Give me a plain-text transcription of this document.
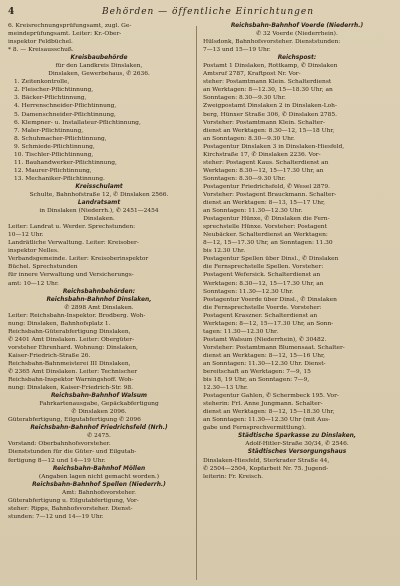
4	Behörden — öffentliche Einrichtungen

6. Kreisrechnungsprüfungsamt, zugl. Ge-

meindeprüfungsamt. Leiter: Kr.-Ober-

inspektor Feldbüchel.

* 8. — Kreisausschuß.

Kreisbaubehörde

für den Landkreis Dinslaken,

Dinslaken, Gewerbehaus, ✆ 2636.

1. Zeitenkontrolle,

2. Fleischer-Pflichtinnung,

3. Bäcker-Pflichtinnung,

4. Herrenschneider-Pflichtinnung,

5. Damenschneider-Pflichtinnung,

6. Klempner- u. Installateur-Pflichtinnung,

7. Maler-Pflichtinnung,

8. Schuhmacher-Pflichtinnung,

9. Schmiede-Pflichtinnung,

10. Tischler-Pflichtinnung,

11. Bauhandwerker-Pflichtinnung,

12. Maurer-Pflichtinnung,

13. Mechaniker-Pflichtinnung.

Kreisschulamt

Schulte, Bahnhofstraße 12, ✆ Dinslaken 2566.

Landratsamt

in Dinslaken (Niederrh.), ✆ 2451—2454

Dinslaken.

Leiter: Landrat u. Werder. Sprechstunden:

10—12 Uhr.

Landrätliche Verwaltung. Leiter: Kreisober-

inspektor Nelles.

Verbandsgemeinde. Leiter: Kreisoberinspektor

Büchel. Sprechstunden

für innere Verwaltung und Versicherungs-

amt: 10—12 Uhr.

Reichsbahnbehörden:

Reichsbahn-Bahnhof Dinslaken,

✆ 2898 Amt Dinslaken.

Leiter: Reichsbahn-Inspektor. Brodberg. Woh-

nung: Dinslaken, Bahnhofsplatz 1.

Reichsbahn-Güterabfertigung Dinslaken,

✆ 2401 Amt Dinslaken. Leiter: Obergüter-

vorsteher Ehrenhard. Wohnung: Dinslaken,

Kaiser-Friedrich-Straße 26.

Reichsbahn-Bahnmeisterei III Dinslaken,

✆ 2365 Amt Dinslaken. Leiter: Technischer

Reichsbahn-Inspektor Warningshoff. Woh-

nung: Dinslaken, Kaiser-Friedrich-Str. 98.

Reichsbahn-Bahnhof Walsum

Fahrkartenausgabe, Gepäckabfertigung

✆ Dinslaken 2096.

Güterabfertigung, Eilgutabfertigung ✆ 2096

Reichsbahn-Bahnhof Friedrichsfeld (Nrh.)

✆ 2475.

Vorstand: Oberbahnhofsvorsteher.

Dienststunden für die Güter- und Eilgutab-

fertigung 8—12 und 14—19 Uhr.

Reichsbahn-Bahnhof Möllen

(Angaben lagen nicht gemacht worden.)

Reichsbahn-Bahnhof Spellen (Niederrh.)

Amt: Bahnhofsvorsteher.

Güterabfertigung u. Eilgutabfertigung, Vor-

steher: Ripps, Bahnhofsvorsteher. Dienst-

stunden: 7—12 und 14—19 Uhr.

Reichsbahn-Bahnhof Voerde (Niederrh.)

✆ 32 Voerde (Niederrhein).

Hülsdonk, Bahnhofsvorsteher. Dienststunden:

7—13 und 15—19 Uhr.

Reichspost:

Postamt 1 Dinslaken, Rottkamp, ✆ Dinslaken

Amtsruf 2787, Kraftpost Nr. Vor-

steher: Postamtmann Klein. Schalterdienst

an Werktagen: 8—12.30, 15—18.30 Uhr, an

Sonntagen: 8.30—9.30 Uhr.

Zweigpostamt Dinslaken 2 in Dinslaken-Loh-

berg, Hünxer Straße 306, ✆ Dinslaken 2785.

Vorsteher: Postamtmann Klein. Schalter-

dienst an Werktagen: 8.30—12, 15—18 Uhr,

an Sonntagen: 8.30—9.30 Uhr.

Postagentur Dinslaken 3 in Dinslaken-Hiesfeld,

Kirchstraße 17, ✆ Dinslaken 2236. Vor-

steher: Postagent Kaus. Schalterdienst an

Werktagen: 8.30—12, 15—17.30 Uhr, an

Sonntagen: 8.30—9.30 Uhr.

Postagentur Friedrichsfeld, ✆ Wesel 2879.

Vorsteher: Postagent Brauckmann. Schalter-

dienst an Werktagen: 8—13, 15—17 Uhr,

an Sonntagen: 11.30—12.30 Uhr.

Postagentur Hünxe, ✆ Dinslaken die Fern-

sprechstelle Hünxe. Vorsteher: Postagent

Neubäcker. Schalterdienst an Werktagen:

8—12, 15—17.30 Uhr, an Sonntagen: 11.30

bis 12.30 Uhr.

Postagentur Spellen über Dinsl., ✆ Dinslaken

die Fernsprechstelle Spellen. Vorsteher:

Postagent Wefersick. Schalterdienst an

Werktagen: 8.30—12, 15—17.30 Uhr, an

Sonntagen: 11.30—12.30 Uhr.

Postagentur Voerde über Dinsl., ✆ Dinslaken

die Fernsprechstelle Voerde. Vorsteher:

Postagent Kraszner. Schalterdienst an

Werktagen: 8—12, 15—17.30 Uhr, an Sonn-

tagen: 11.30—12.30 Uhr.

Postamt Walsum (Niederrhein), ✆ 30482.

Vorsteher: Postamtmann Blumensaat. Schalter-

dienst an Werktagen: 8—12, 15—16 Uhr,

an Sonntagen: 11.30—12.30 Uhr. Dienst-

bereitschaft an Werktagen: 7—9, 15

bis 18, 19 Uhr, an Sonntagen: 7—9,

12.30—13 Uhr.

Postagentur Gahlen, ✆ Schermbeck 195. Vor-

steherin: Frl. Anne Jungmann. Schalter-

dienst an Werktagen: 8—12, 15—18.30 Uhr,

an Sonntagen: 11.30—12.30 Uhr (mit Aus-

gabe und Fernsprechvermittlung).

Städtische Sparkasse zu Dinslaken,

Adolf-Hitler-Straße 30/34, ✆ 2546.

Städtisches Versorgungshaus

Dinslaken-Hiesfeld, Sterkrader Straße 44,

✆ 2504—2504, Kopfarbeit Nr. 75. Jugend-

leiterin: Fr. Kreisch.
